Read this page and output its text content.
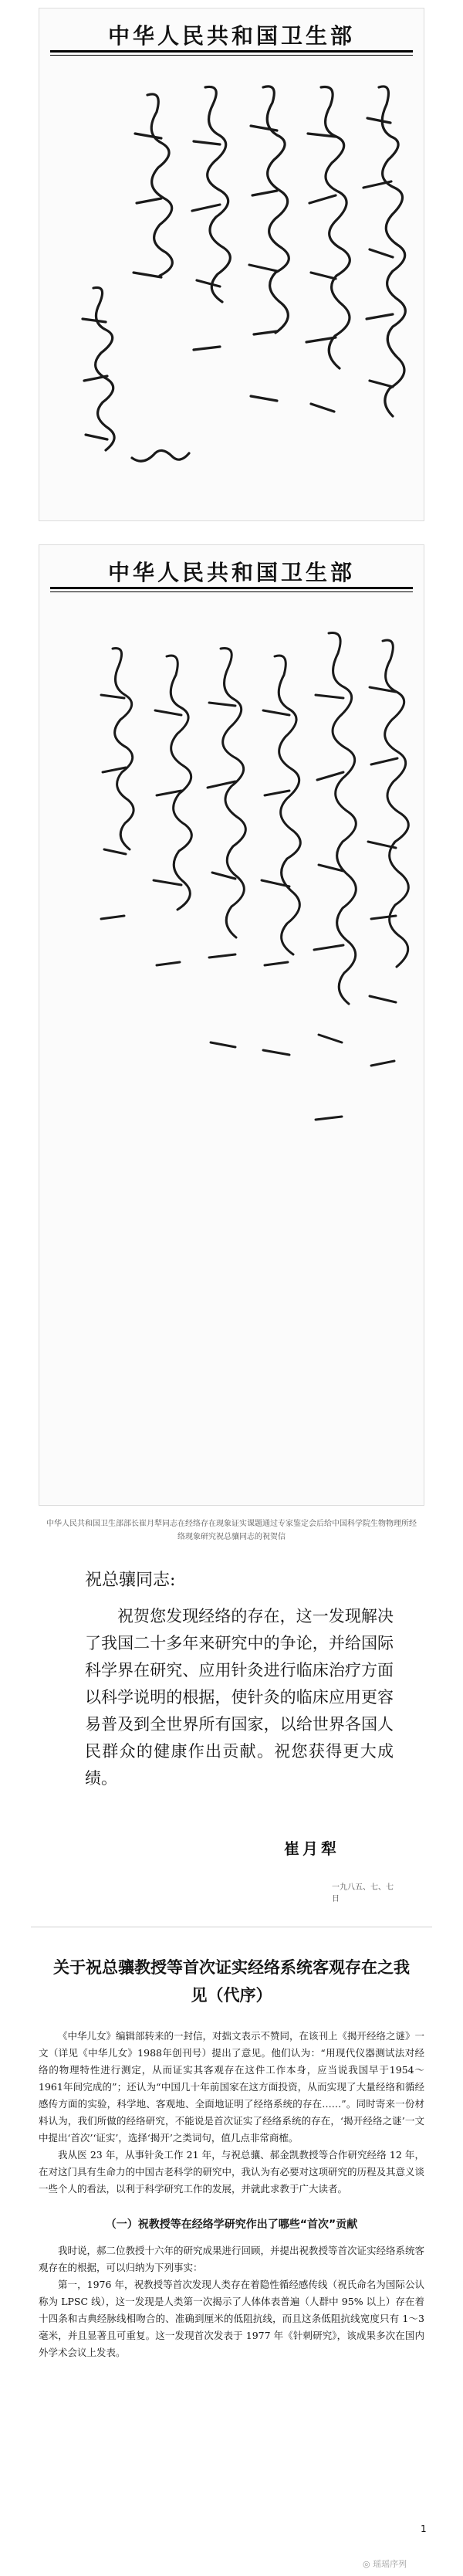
中华人民共和国卫生部
中华人民共和国卫生部
中华人民共和国卫生部部长崔月犁同志在经络存在现象证实课题通过专家鉴定会后给中国科学院生物物理所经络现象研究祝总骧同志的祝贺信
祝总骧同志:

祝贺您发现经络的存在，这一发现解决了我国二十多年来研究中的争论，并给国际科学界在研究、应用针灸进行临床治疗方面以科学说明的根据，使针灸的临床应用更容易普及到全世界所有国家，以给世界各国人民群众的健康作出贡献。祝您获得更大成绩。

崔月犁
一九八五、七、七日
关于祝总骧教授等首次证实经络系统客观存在之我见（代序）

《中华儿女》编辑部转来的一封信，对拙文表示不赞同，在该刊上《揭开经络之谜》一文（详见《中华儿女》1988年创刊号）提出了意见。他们认为：“用现代仪器测试法对经络的物理特性进行测定，从而证实其客观存在这件工作本身，应当说我国早于1954～1961年间完成的”；还认为“中国几十年前国家在这方面投资，从而实现了大量经络和循经感传方面的实验，科学地、客观地、全面地证明了经络系统的存在……”。同时寄来一份材料认为，我们所做的经络研究，不能说是首次证实了经络系统的存在，‘揭开经络之谜’一文中提出‘首次’‘证实’，选择‘揭开’之类词句，值几点非常商榷。

我从医 23 年，从事针灸工作 21 年，与祝总骧、郝金凯教授等合作研究经络 12 年，在对这门具有生命力的中国古老科学的研究中，我认为有必要对这项研究的历程及其意义谈一些个人的看法，以利于科学研究工作的发展，并就此求教于广大读者。

（一）祝教授等在经络学研究作出了哪些“首次”贡献

我时说，郝二位教授十六年的研究成果进行回顾，并提出祝教授等首次证实经络系统客观存在的根据，可以归纳为下列事实：

第一，1976 年，祝教授等首次发现人类存在着隐性循经感传线（祝氏命名为国际公认称为 LPSC 线），这一发现是人类第一次揭示了人体体表普遍（人群中 95% 以上）存在着十四条和古典经脉线相吻合的、准确到厘米的低阻抗线，而且这条低阻抗线宽度只有 1～3 毫米，并且显著且可重复。这一发现首次发表于 1977 年《针刺研究》，该成果多次在国内外学术会议上发表。

1
◎ 瑶瑶序列
